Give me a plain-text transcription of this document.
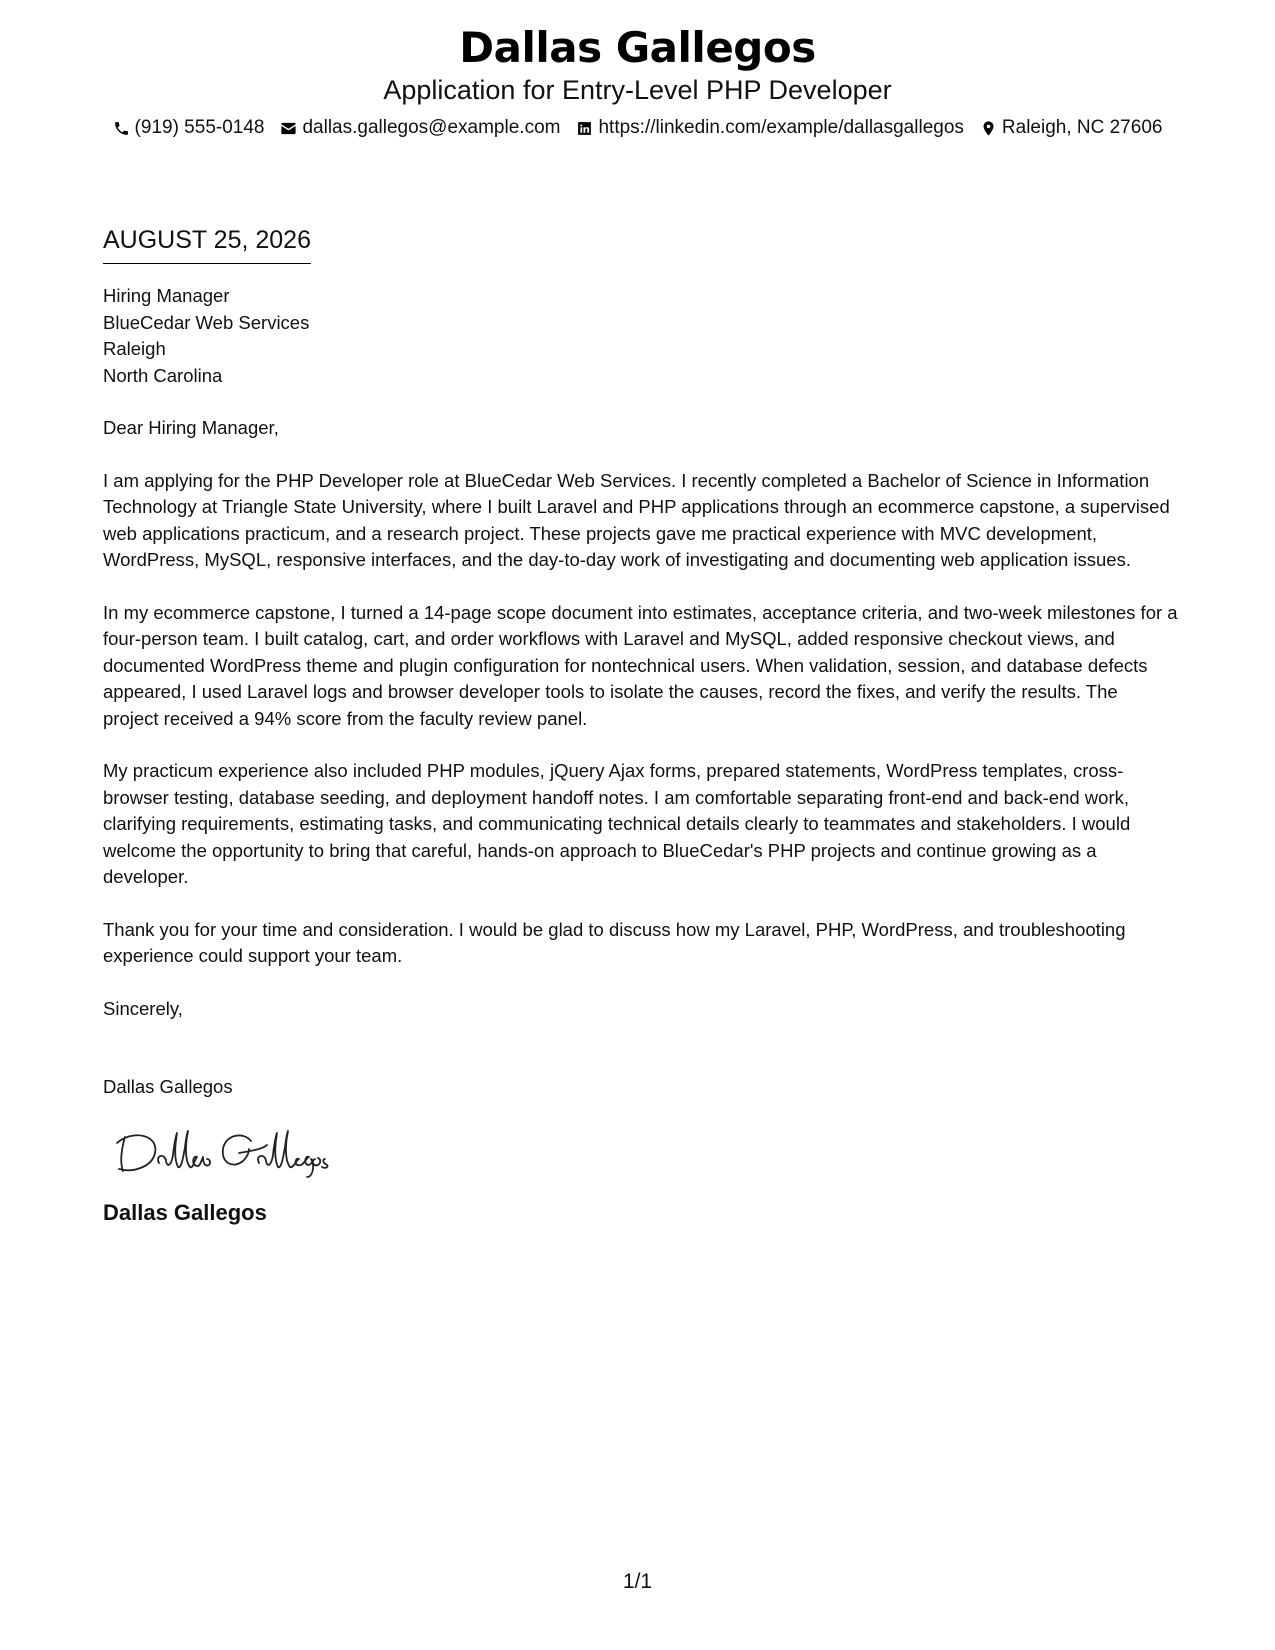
Dallas Gallegos
Application for Entry-Level PHP Developer
(919) 555-0148 dallas.gallegos@example.com https://linkedin.com/example/dallasgallegos Raleigh, NC 27606
AUGUST 25, 2026
Hiring Manager
BlueCedar Web Services
Raleigh
North Carolina

Dear Hiring Manager,

I am applying for the PHP Developer role at BlueCedar Web Services. I recently completed a Bachelor of Science in Information Technology at Triangle State University, where I built Laravel and PHP applications through an ecommerce capstone, a supervised web applications practicum, and a research project. These projects gave me practical experience with MVC development, WordPress, MySQL, responsive interfaces, and the day-to-day work of investigating and documenting web application issues.

In my ecommerce capstone, I turned a 14-page scope document into estimates, acceptance criteria, and two-week milestones for a four-person team. I built catalog, cart, and order workflows with Laravel and MySQL, added responsive checkout views, and documented WordPress theme and plugin configuration for nontechnical users. When validation, session, and database defects appeared, I used Laravel logs and browser developer tools to isolate the causes, record the fixes, and verify the results. The project received a 94% score from the faculty review panel.

My practicum experience also included PHP modules, jQuery Ajax forms, prepared statements, WordPress templates, cross-browser testing, database seeding, and deployment handoff notes. I am comfortable separating front-end and back-end work, clarifying requirements, estimating tasks, and communicating technical details clearly to teammates and stakeholders. I would welcome the opportunity to bring that careful, hands-on approach to BlueCedar's PHP projects and continue growing as a developer.

Thank you for your time and consideration. I would be glad to discuss how my Laravel, PHP, WordPress, and troubleshooting experience could support your team.

Sincerely,

Dallas Gallegos
Dallas Gallegos
1/1
